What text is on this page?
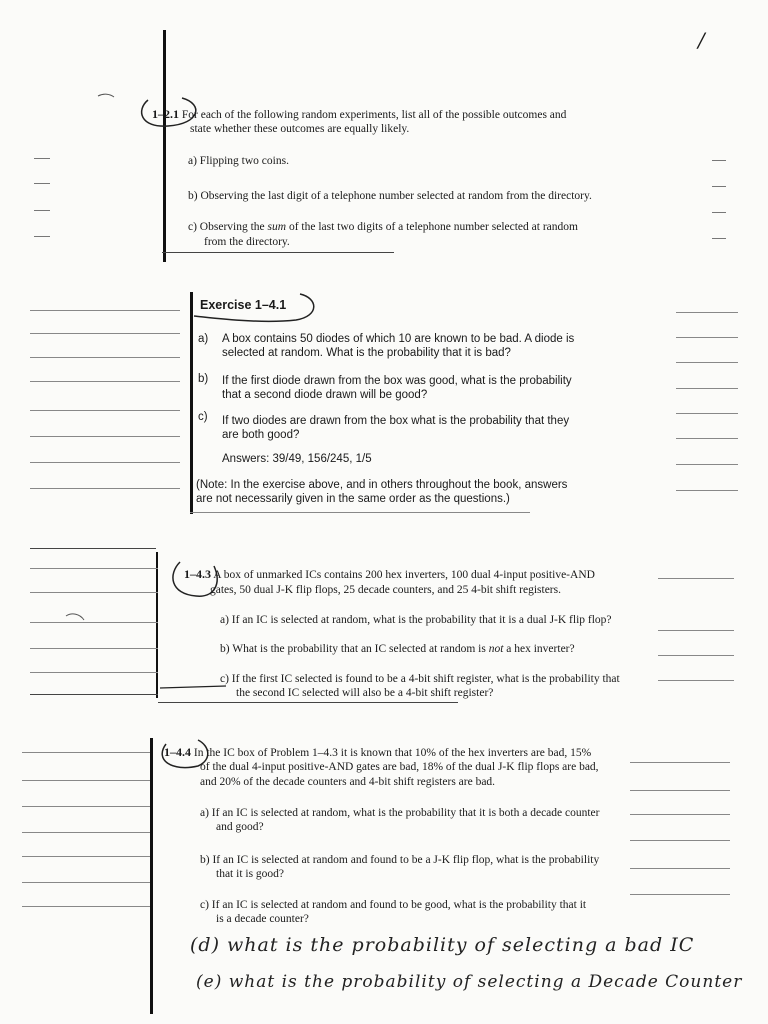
/
1–2.1 For each of the following random experiments, list all of the possible outcomes and
state whether these outcomes are equally likely.
a) Flipping two coins.
b) Observing the last digit of a telephone number selected at random from the directory.
c) Observing the sum of the last two digits of a telephone number selected at random
from the directory.
Exercise 1–4.1
a) A box contains 50 diodes of which 10 are known to be bad. A diode is
selected at random. What is the probability that it is bad?
b) If the first diode drawn from the box was good, what is the probability
that a second diode drawn will be good?
c) If two diodes are drawn from the box what is the probability that they
are both good?
Answers: 39/49, 156/245, 1/5
(Note: In the exercise above, and in others throughout the book, answers
are not necessarily given in the same order as the questions.)
1–4.3 A box of unmarked ICs contains 200 hex inverters, 100 dual 4-input positive-AND
gates, 50 dual J-K flip flops, 25 decade counters, and 25 4-bit shift registers.
a) If an IC is selected at random, what is the probability that it is a dual J-K flip flop?
b) What is the probability that an IC selected at random is not a hex inverter?
c) If the first IC selected is found to be a 4-bit shift register, what is the probability that
the second IC selected will also be a 4-bit shift register?
1–4.4 In the IC box of Problem 1–4.3 it is known that 10% of the hex inverters are bad, 15%
of the dual 4-input positive-AND gates are bad, 18% of the dual J-K flip flops are bad,
and 20% of the decade counters and 4-bit shift registers are bad.
a) If an IC is selected at random, what is the probability that it is both a decade counter
and good?
b) If an IC is selected at random and found to be a J-K flip flop, what is the probability
that it is good?
c) If an IC is selected at random and found to be good, what is the probability that it
is a decade counter?
(d) what is the probability of selecting a bad IC
(e) what is the probability of selecting a Decade Counter
